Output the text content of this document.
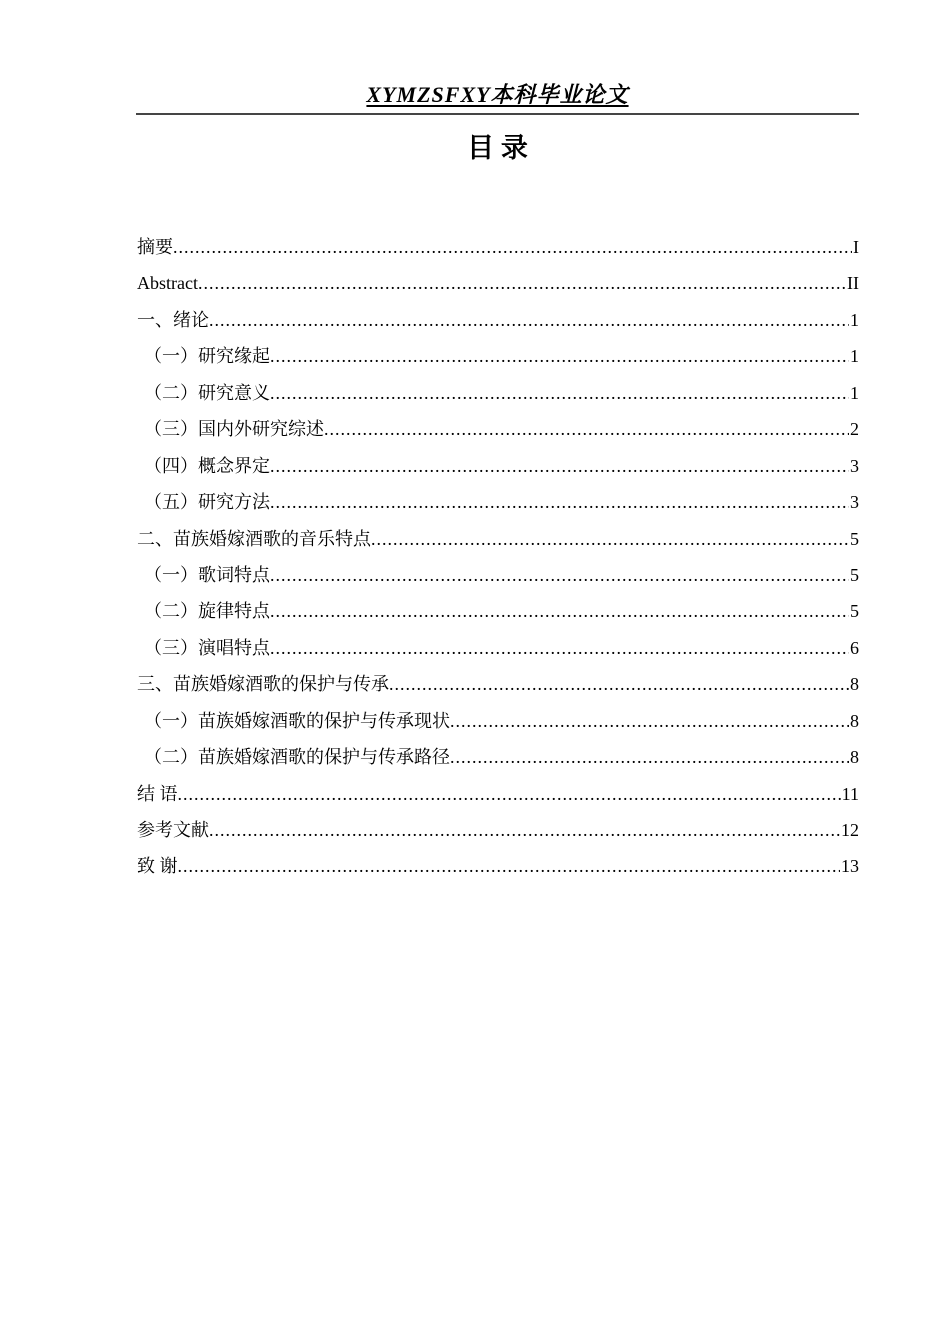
XYMZSFXY本科毕业论文
目 录
摘要 .....	I
Abstract .....	II
一、绪论 .....	1
（一）研究缘起 .....	1
（二）研究意义 .....	1
（三）国内外研究综述 .....	2
（四）概念界定 .....	3
（五）研究方法 .....	3
二、苗族婚嫁酒歌的音乐特点 .....	5
（一）歌词特点 .....	5
（二）旋律特点 .....	5
（三）演唱特点 .....	6
三、苗族婚嫁酒歌的保护与传承 .....	8
（一）苗族婚嫁酒歌的保护与传承现状 .....	8
（二）苗族婚嫁酒歌的保护与传承路径 .....	8
结 语 .....	11
参考文献 .....	12
致 谢 .....	13
